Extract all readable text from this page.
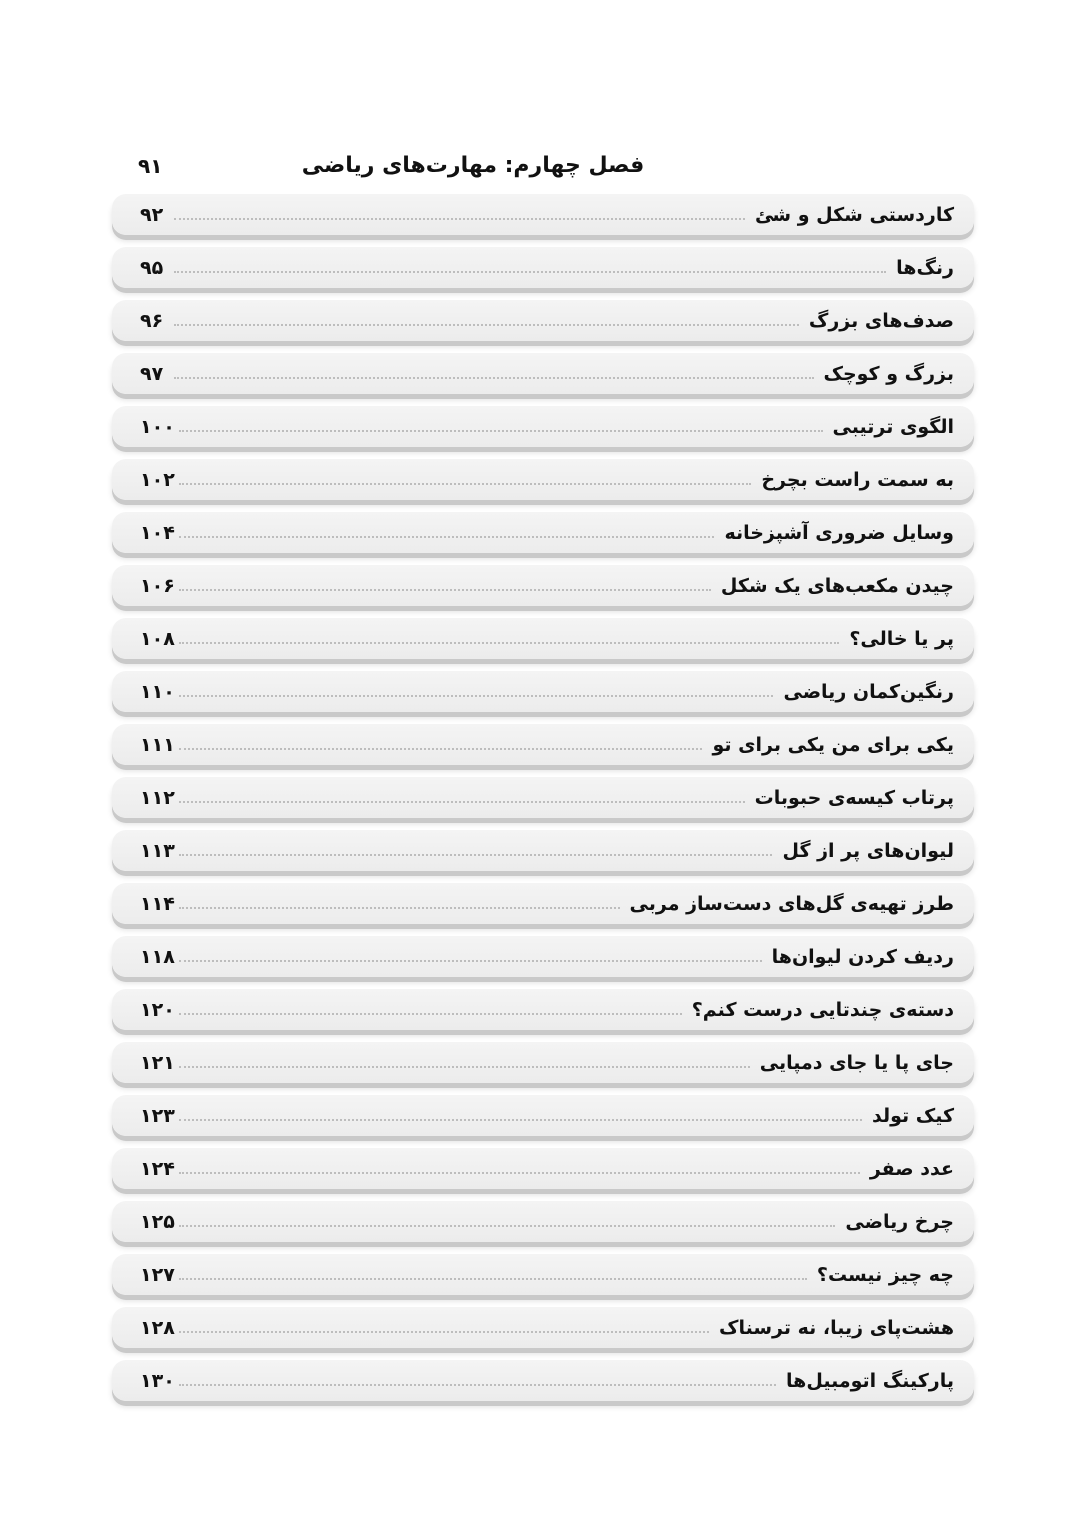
فصل چهارم: مهارت‌های ریاضی
۹۱
کاردستی شکل و شئ
۹۲
رنگ‌ها
۹۵
صدف‌های بزرگ
۹۶
بزرگ و کوچک
۹۷
الگوی ترتیبی
۱۰۰
به سمت راست بچرخ
۱۰۲
وسایل ضروری آشپزخانه
۱۰۴
چیدن مکعب‌های یک شکل
۱۰۶
پر یا خالی؟
۱۰۸
رنگین‌کمان ریاضی
۱۱۰
یکی برای من یکی برای تو
۱۱۱
پرتاب کیسه‌ی حبوبات
۱۱۲
لیوان‌های پر از گل
۱۱۳
طرز تهیه‌ی گل‌های دست‌ساز مربی
۱۱۴
ردیف کردن لیوان‌ها
۱۱۸
دسته‌ی چندتایی درست کنم؟
۱۲۰
جای پا یا جای دمپایی
۱۲۱
کیک تولد
۱۲۳
عدد صفر
۱۲۴
چرخ ریاضی
۱۲۵
چه چیز نیست؟
۱۲۷
هشت‌پای زیبا، نه ترسناک
۱۲۸
پارکینگ اتومبیل‌ها
۱۳۰
